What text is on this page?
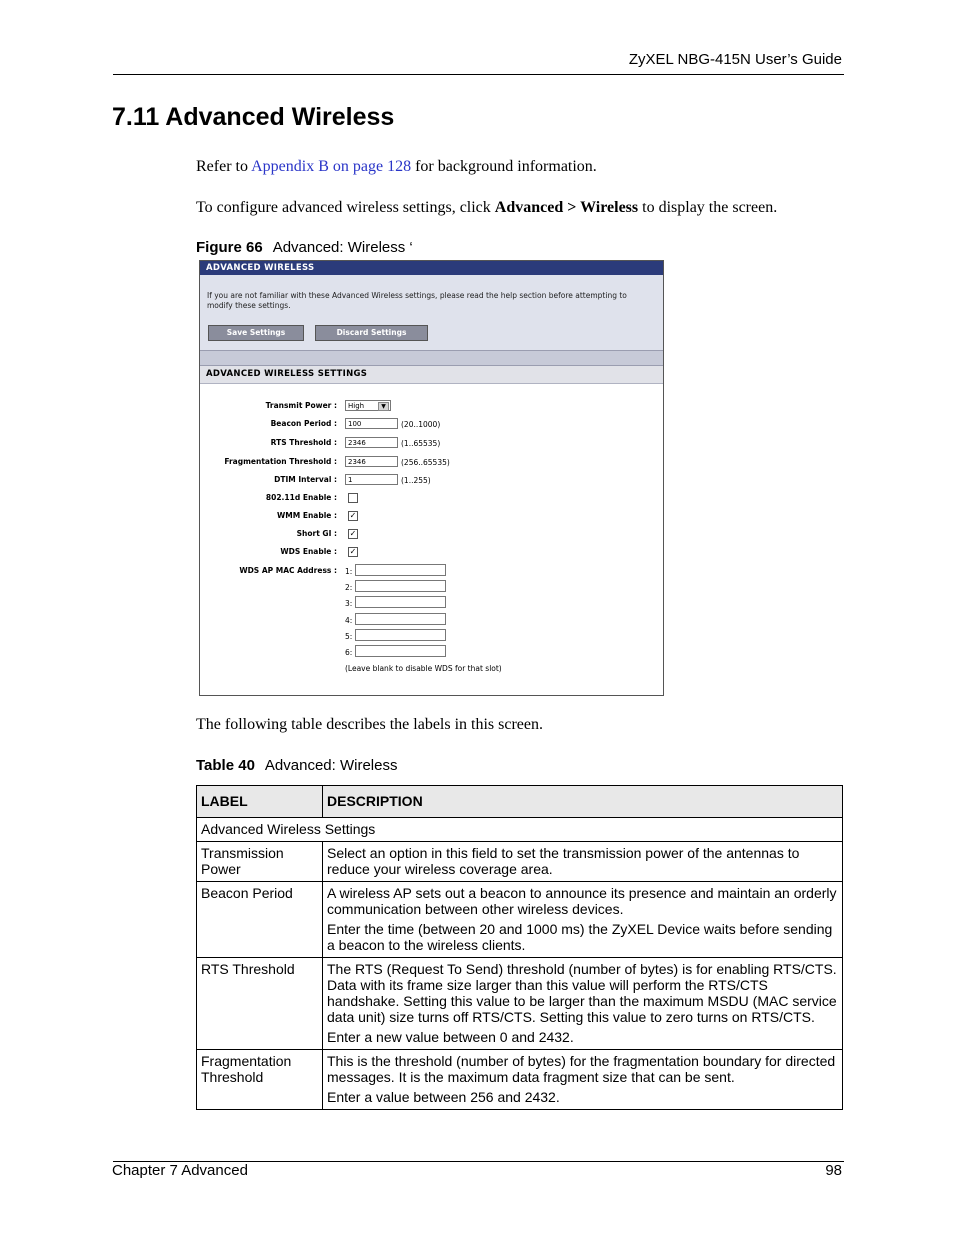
ZyXEL NBG-415N User’s Guide
7.11 Advanced Wireless
Refer to Appendix B on page 128 for background information.
To configure advanced wireless settings, click Advanced > Wireless to display the screen.
Figure 66 Advanced: Wireless ‘
ADVANCED WIRELESS
If you are not familiar with these Advanced Wireless settings, please read the help section before attempting to modify these settings.
Save Settings	Discard Settings
ADVANCED WIRELESS SETTINGS
Transmit Power :	High	▼
Beacon Period :	100	(20..1000)
RTS Threshold :	2346	(1..65535)
Fragmentation Threshold :	2346	(256..65535)
DTIM Interval :	1	(1..255)
802.11d Enable :
WMM Enable : ✓
Short GI : ✓
WDS Enable : ✓
WDS AP MAC Address : 1:
2:
3:
4:
5:
6:
(Leave blank to disable WDS for that slot)
The following table describes the labels in this screen.
Table 40 Advanced: Wireless
LABEL	DESCRIPTION
Advanced Wireless Settings	
Transmission Power	Select an option in this field to set the transmission power of the antennas to reduce your wireless coverage area.

Beacon Period	A wireless AP sets out a beacon to announce its presence and maintain an orderly communication between other wireless devices.

Enter the time (between 20 and 1000 ms) the ZyXEL Device waits before sending a beacon to the wireless clients.

RTS Threshold	The RTS (Request To Send) threshold (number of bytes) is for enabling RTS/CTS. Data with its frame size larger than this value will perform the RTS/CTS handshake. Setting this value to be larger than the maximum MSDU (MAC service data unit) size turns off RTS/CTS. Setting this value to zero turns on RTS/CTS.

Enter a new value between 0 and 2432.

Fragmentation Threshold	This is the threshold (number of bytes) for the fragmentation boundary for directed messages. It is the maximum data fragment size that can be sent.

Enter a value between 256 and 2432.

Chapter 7 Advanced	98
